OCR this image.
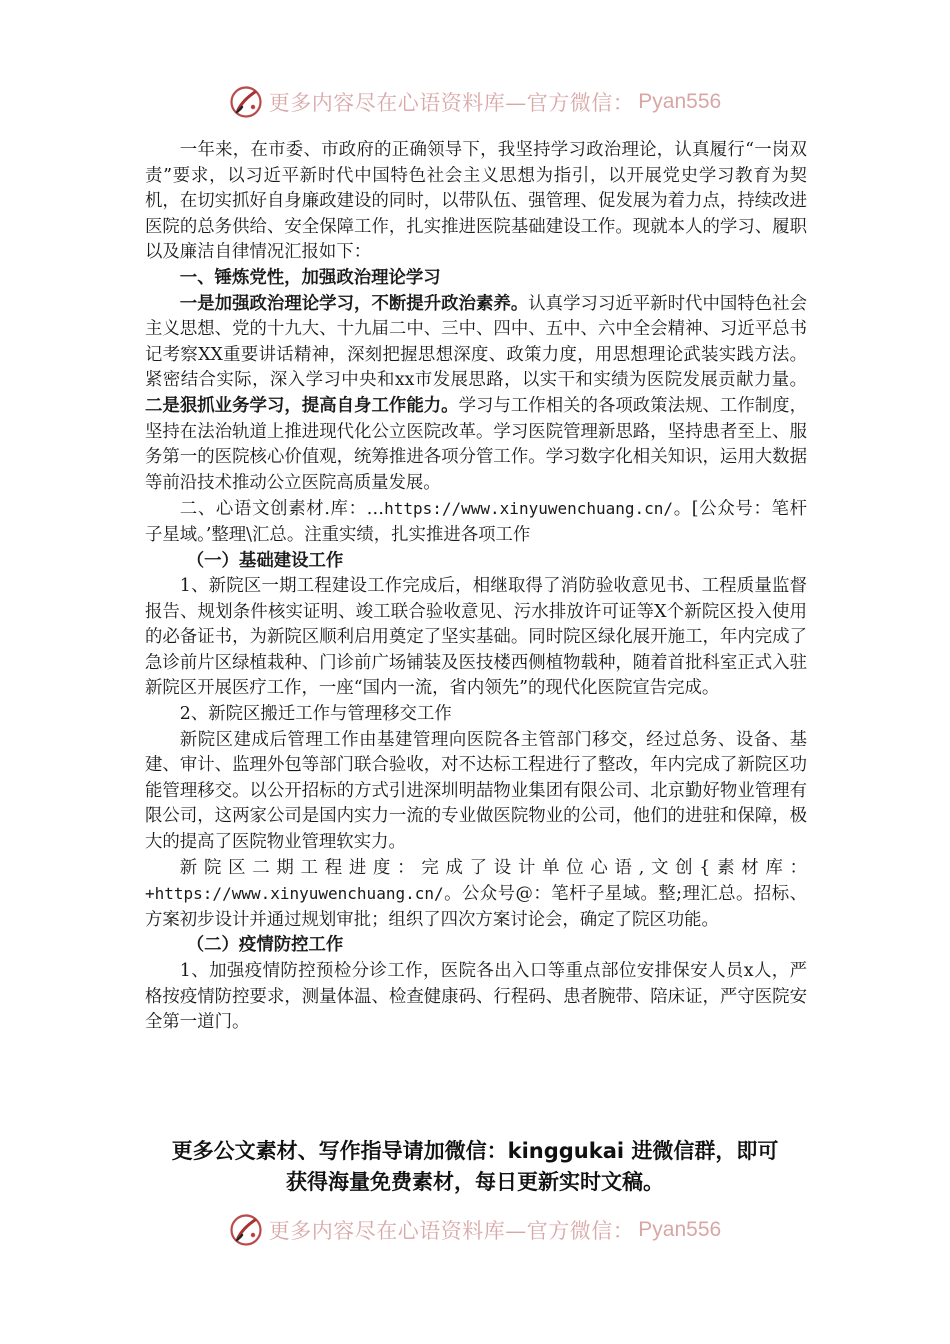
更多内容尽在心语资料库—官方微信： Pyan556

一年来，在市委、市政府的正确领导下，我坚持学习政治理论，认真履行“一岗双责”要求，以习近平新时代中国特色社会主义思想为指引，以开展党史学习教育为契机，在切实抓好自身廉政建设的同时，以带队伍、强管理、促发展为着力点，持续改进医院的总务供给、安全保障工作，扎实推进医院基础建设工作。现就本人的学习、履职以及廉洁自律情况汇报如下：

一、锤炼党性，加强政治理论学习

一是加强政治理论学习，不断提升政治素养。认真学习习近平新时代中国特色社会主义思想、党的十九大、十九届二中、三中、四中、五中、六中全会精神、习近平总书记考察XX重要讲话精神，深刻把握思想深度、政策力度，用思想理论武装实践方法。紧密结合实际，深入学习中央和xx市发展思路，以实干和实绩为医院发展贡献力量。二是狠抓业务学习，提高自身工作能力。学习与工作相关的各项政策法规、工作制度，坚持在法治轨道上推进现代化公立医院改革。学习医院管理新思路，坚持患者至上、服务第一的医院核心价值观，统筹推进各项分管工作。学习数字化相关知识，运用大数据等前沿技术推动公立医院高质量发展。

二、心语文创素材.库：…https://www.xinyuwenchuang.cn/。[公众号：笔杆子星域。’整理\汇总。注重实绩，扎实推进各项工作

（一）基础建设工作

1、新院区一期工程建设工作完成后，相继取得了消防验收意见书、工程质量监督报告、规划条件核实证明、竣工联合验收意见、污水排放许可证等X个新院区投入使用的必备证书，为新院区顺利启用奠定了坚实基础。同时院区绿化展开施工，年内完成了急诊前片区绿植栽种、门诊前广场铺装及医技楼西侧植物载种，随着首批科室正式入驻新院区开展医疗工作，一座“国内一流，省内领先”的现代化医院宣告完成。

2、新院区搬迁工作与管理移交工作

新院区建成后管理工作由基建管理向医院各主管部门移交，经过总务、设备、基建、审计、监理外包等部门联合验收，对不达标工程进行了整改，年内完成了新院区功能管理移交。以公开招标的方式引进深圳明喆物业集团有限公司、北京勤好物业管理有限公司，这两家公司是国内实力一流的专业做医院物业的公司，他们的进驻和保障，极大的提高了医院物业管理软实力。

新院区二期工程进度：完成了设计单位心语,文创{素材库：+https://www.xinyuwenchuang.cn/。公众号@：笔杆子星域。整;理汇总。招标、方案初步设计并通过规划审批；组织了四次方案讨论会，确定了院区功能。

（二）疫情防控工作

1、加强疫情防控预检分诊工作，医院各出入口等重点部位安排保安人员x人，严格按疫情防控要求，测量体温、检查健康码、行程码、患者腕带、陪床证，严守医院安全第一道门。

更多公文素材、写作指导请加微信：kinggukai 进微信群，即可
获得海量免费素材，每日更新实时文稿。
更多内容尽在心语资料库—官方微信： Pyan556
